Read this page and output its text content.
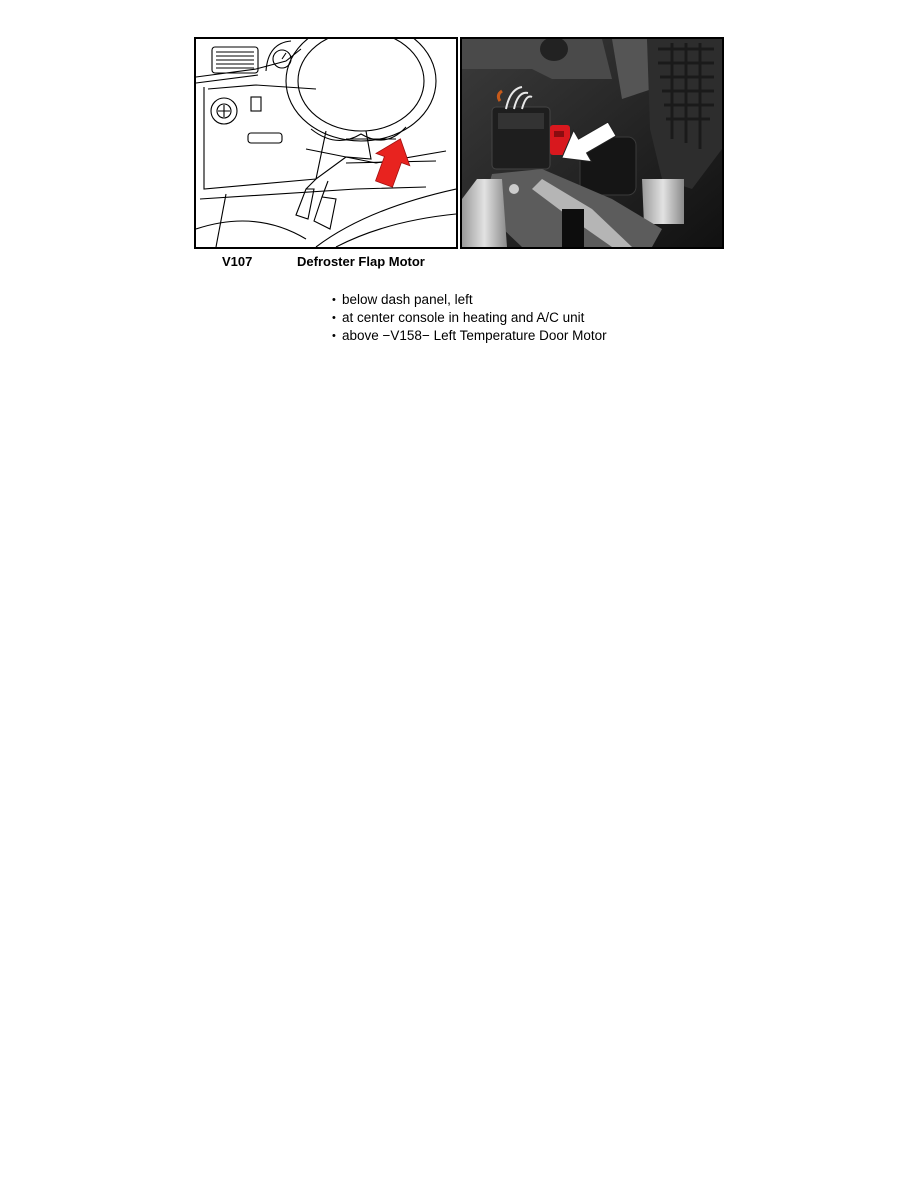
V107	Defroster Flap Motor
• below dash panel, left
• at center console in heating and A/C unit
• above −V158− Left Temperature Door Motor
